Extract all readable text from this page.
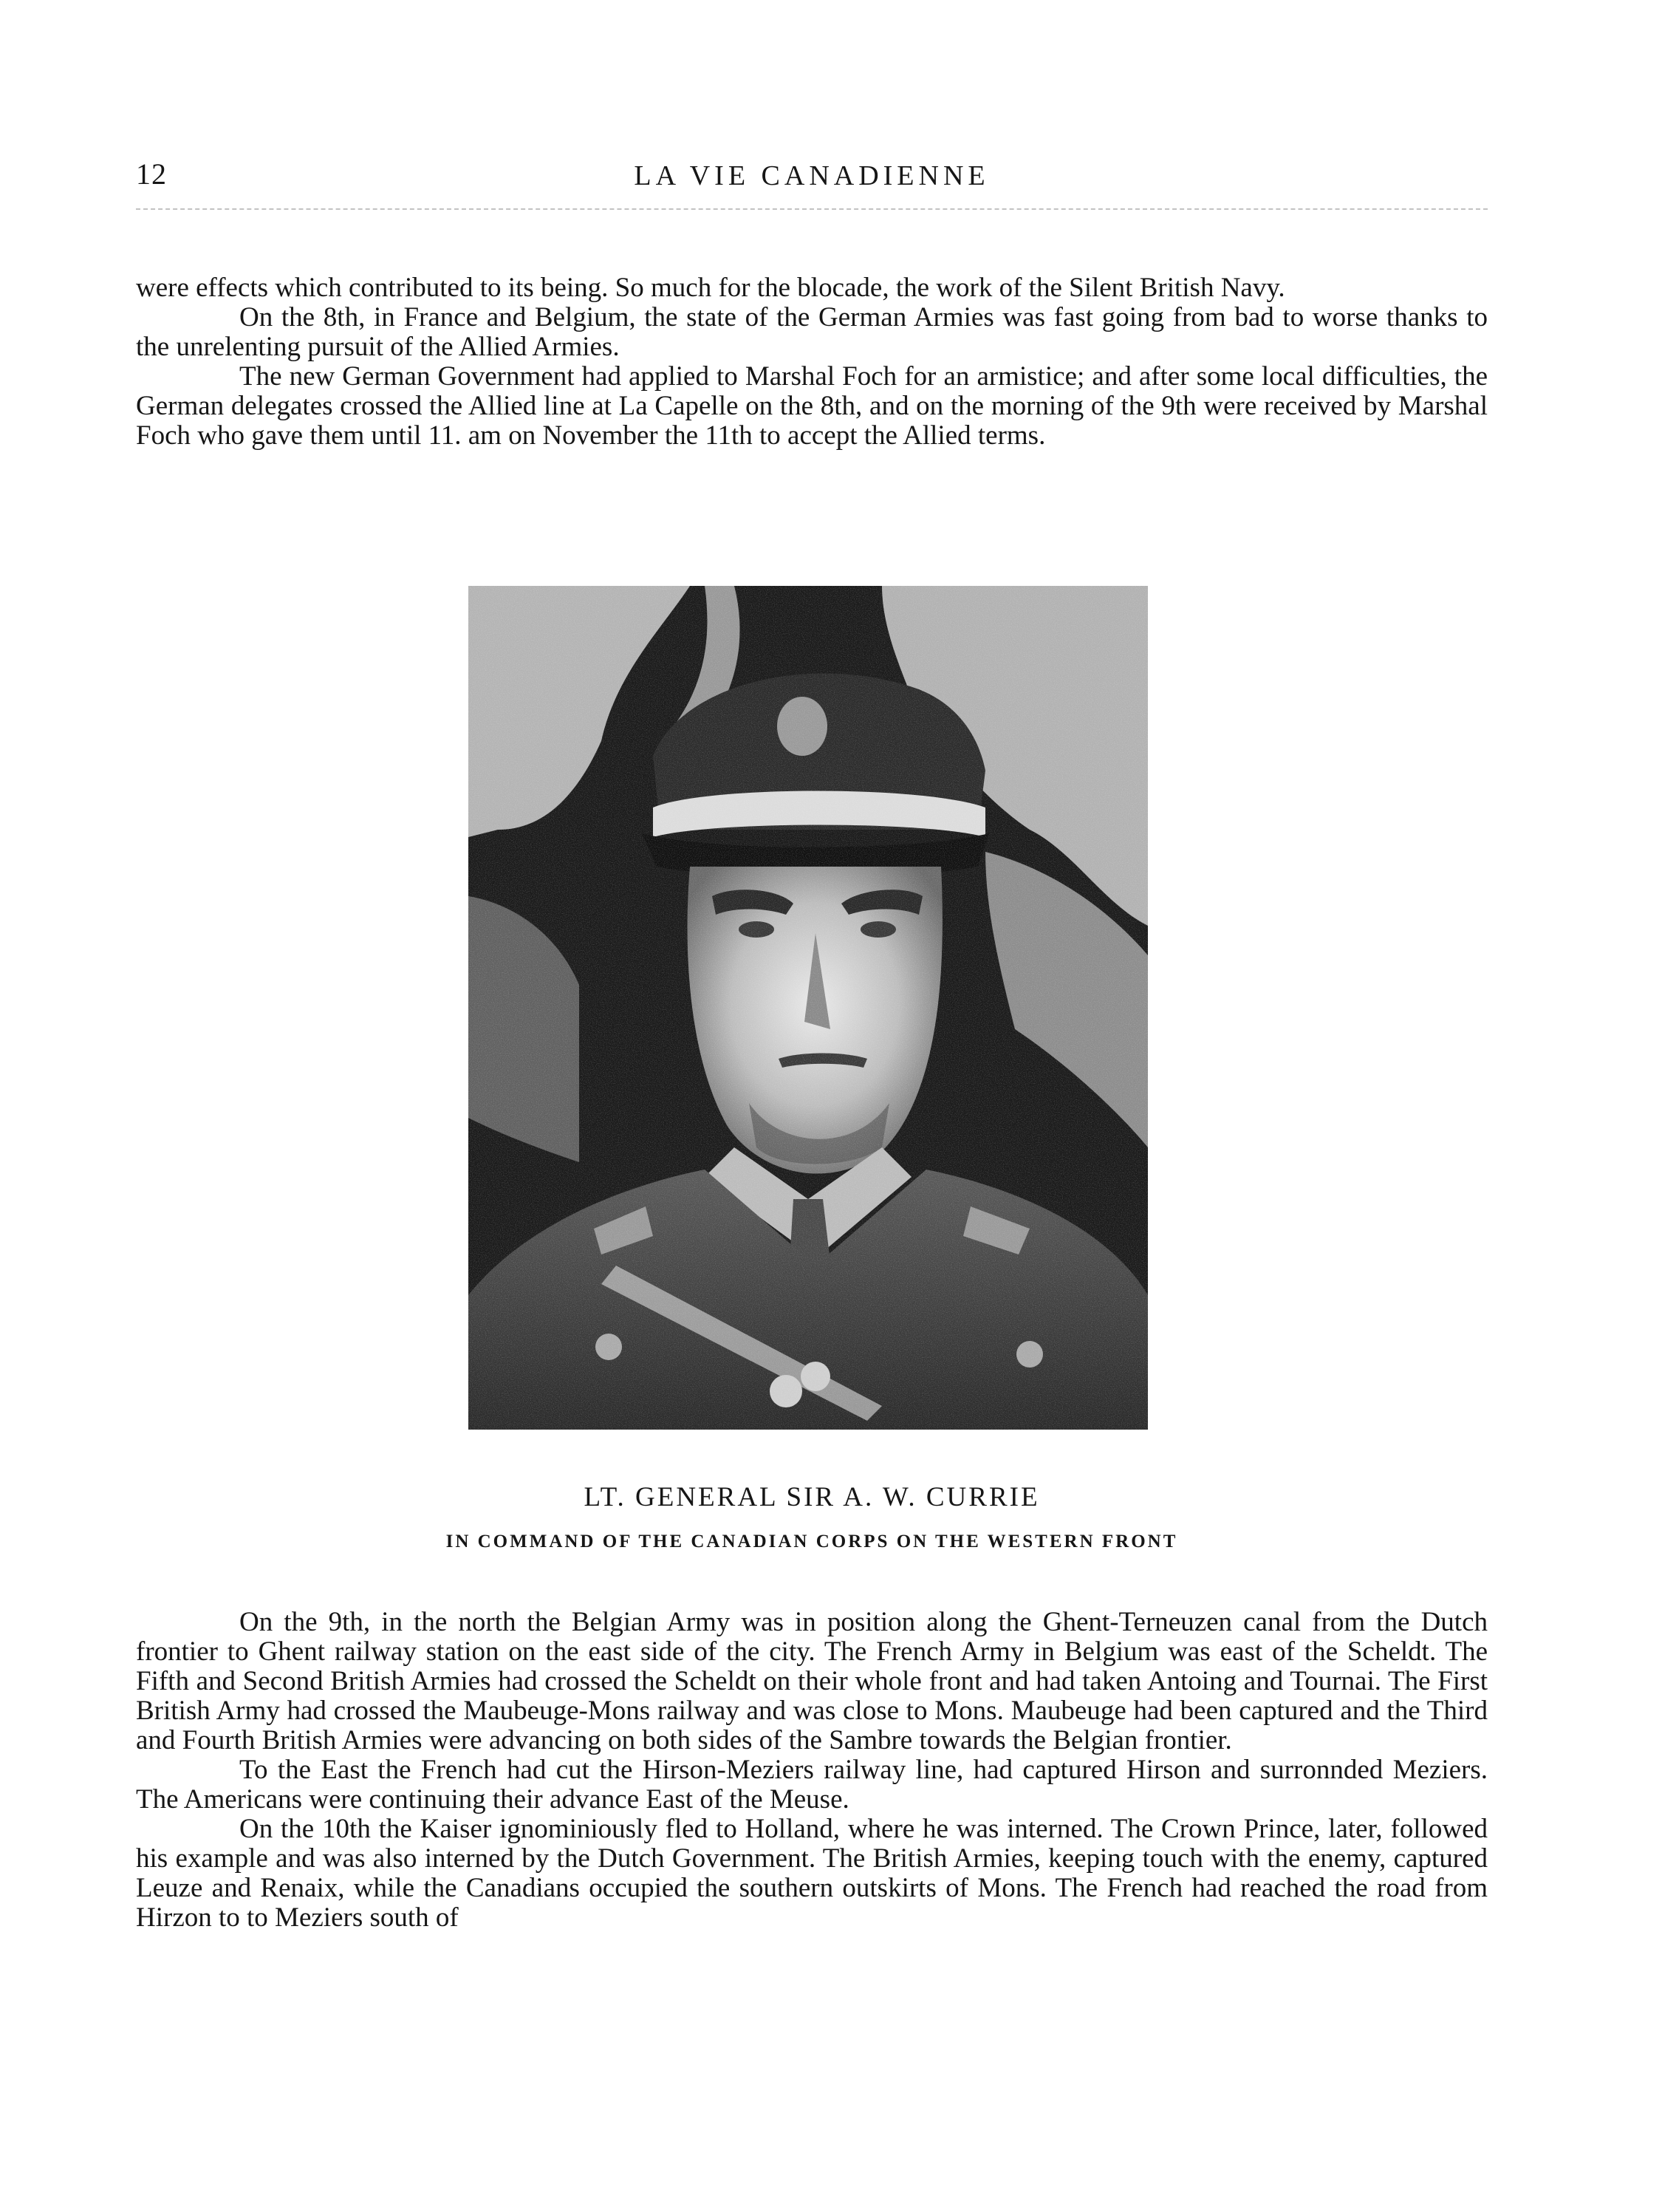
12	LA VIE CANADIENNE

were effects which contributed to its being. So much for the blocade, the work of the Silent British Navy.

On the 8th, in France and Belgium, the state of the German Armies was fast going from bad to worse thanks to the unrelenting pursuit of the Allied Armies.

The new German Government had applied to Marshal Foch for an armistice; and after some local difficulties, the German delegates crossed the Allied line at La Capelle on the 8th, and on the morning of the 9th were received by Marshal Foch who gave them until 11. am on November the 11th to accept the Allied terms.

LT. GENERAL SIR A. W. CURRIE
IN COMMAND OF THE CANADIAN CORPS ON THE WESTERN FRONT

On the 9th, in the north the Belgian Army was in position along the Ghent-Terneuzen canal from the Dutch frontier to Ghent railway station on the east side of the city. The French Army in Belgium was east of the Scheldt. The Fifth and Second British Armies had crossed the Scheldt on their whole front and had taken Antoing and Tournai. The First British Army had crossed the Maubeuge-Mons railway and was close to Mons. Maubeuge had been captured and the Third and Fourth British Armies were advancing on both sides of the Sambre towards the Belgian frontier.

To the East the French had cut the Hirson-Meziers railway line, had captured Hirson and surronnded Meziers. The Americans were continuing their advance East of the Meuse.

On the 10th the Kaiser ignominiously fled to Holland, where he was interned. The Crown Prince, later, followed his example and was also interned by the Dutch Government. The British Armies, keeping touch with the enemy, captured Leuze and Renaix, while the Canadians occupied the southern outskirts of Mons. The French had reached the road from Hirzon to to Meziers south of
